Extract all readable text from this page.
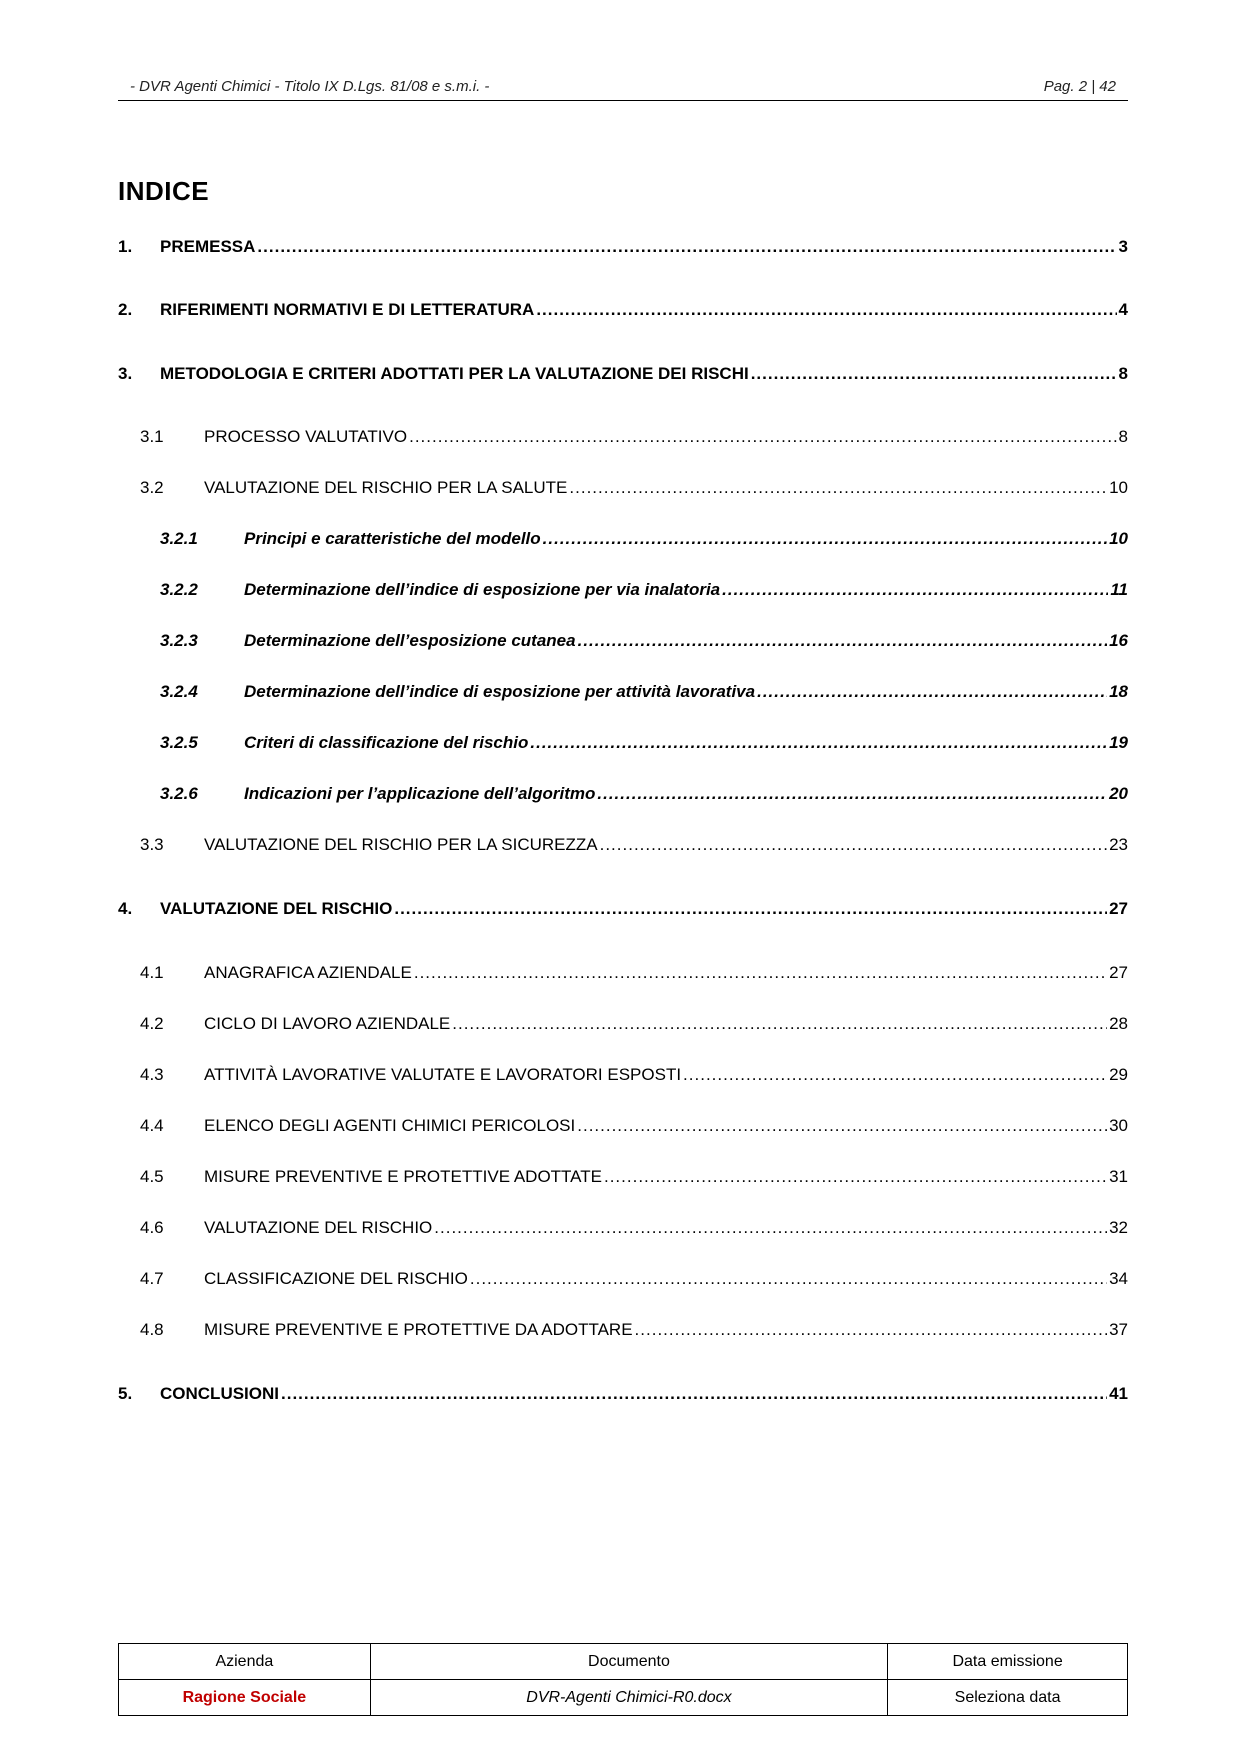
- DVR Agenti Chimici - Titolo IX D.Lgs. 81/08 e s.m.i. -	Pag. 2 | 42
INDICE
1.	PREMESSA .....	3
2.	RIFERIMENTI NORMATIVI E DI LETTERATURA .....	4
3.	METODOLOGIA E CRITERI ADOTTATI PER LA VALUTAZIONE DEI RISCHI .....	8
3.1	PROCESSO VALUTATIVO .....	8
3.2	VALUTAZIONE DEL RISCHIO PER LA SALUTE .....	10
3.2.1	Principi e caratteristiche del modello .....	10
3.2.2	Determinazione dell’indice di esposizione per via inalatoria .....	11
3.2.3	Determinazione dell’esposizione cutanea .....	16
3.2.4	Determinazione dell’indice di esposizione per attività lavorativa .....	18
3.2.5	Criteri di classificazione del rischio .....	19
3.2.6	Indicazioni per l’applicazione dell’algoritmo .....	20
3.3	VALUTAZIONE DEL RISCHIO PER LA SICUREZZA .....	23
4.	VALUTAZIONE DEL RISCHIO .....	27
4.1	ANAGRAFICA AZIENDALE .....	27
4.2	CICLO DI LAVORO AZIENDALE .....	28
4.3	ATTIVITÀ LAVORATIVE VALUTATE E LAVORATORI ESPOSTI .....	29
4.4	ELENCO DEGLI AGENTI CHIMICI PERICOLOSI .....	30
4.5	MISURE PREVENTIVE E PROTETTIVE ADOTTATE .....	31
4.6	VALUTAZIONE DEL RISCHIO .....	32
4.7	CLASSIFICAZIONE DEL RISCHIO .....	34
4.8	MISURE PREVENTIVE E PROTETTIVE DA ADOTTARE .....	37
5.	CONCLUSIONI .....	41
Azienda	Documento	Data emissione
Ragione Sociale	DVR-Agenti Chimici-R0.docx	Seleziona data
